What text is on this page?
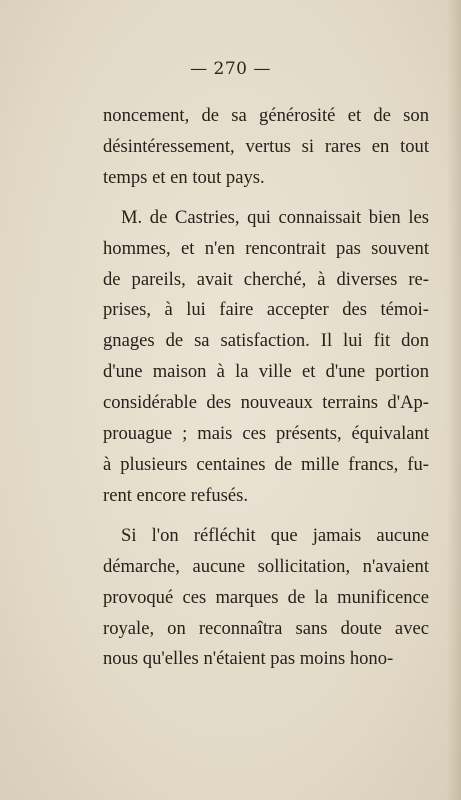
— 270 —
noncement, de sa générosité et de son
désintéressement, vertus si rares en tout
temps et en tout pays.
M. de Castries, qui connaissait bien les
hommes, et n'en rencontrait pas souvent
de pareils, avait cherché, à diverses re-
prises, à lui faire accepter des témoi-
gnages de sa satisfaction. Il lui fit don
d'une maison à la ville et d'une portion
considérable des nouveaux terrains d'Ap-
prouague ; mais ces présents, équivalant
à plusieurs centaines de mille francs, fu-
rent encore refusés.
Si l'on réfléchit que jamais aucune
démarche, aucune sollicitation, n'avaient
provoqué ces marques de la munificence
royale, on reconnaîtra sans doute avec
nous qu'elles n'étaient pas moins hono-
